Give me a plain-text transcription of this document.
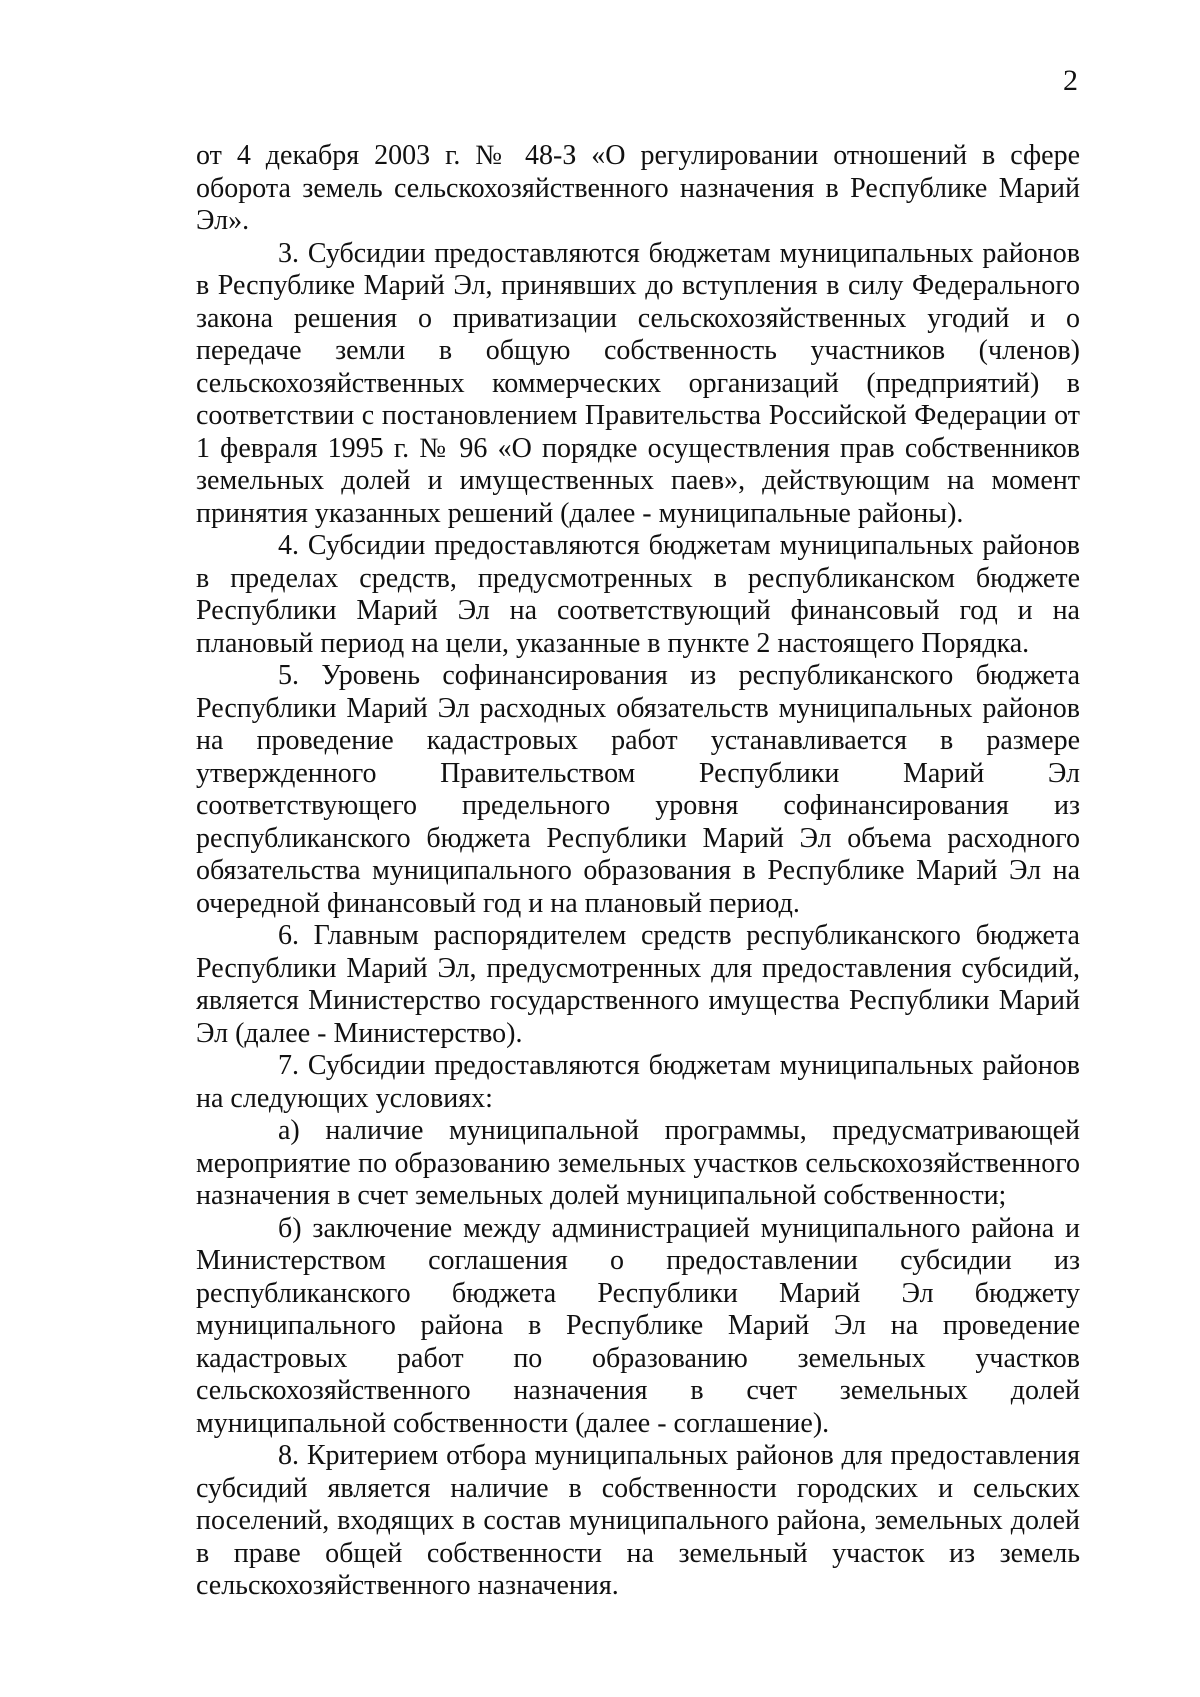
2

от 4 декабря 2003 г. № 48-З «О регулировании отношений в сфере оборота земель сельскохозяйственного назначения в Республике Марий Эл».

3. Субсидии предоставляются бюджетам муниципальных районов в Республике Марий Эл, принявших до вступления в силу Федерального закона решения о приватизации сельскохозяйственных угодий и о передаче земли в общую собственность участников (членов) сельскохозяйственных коммерческих организаций (предприятий) в соответствии с постановлением Правительства Российской Федерации от 1 февраля 1995 г. № 96 «О порядке осуществления прав собственников земельных долей и имущественных паев», действующим на момент принятия указанных решений (далее - муниципальные районы).

4. Субсидии предоставляются бюджетам муниципальных районов в пределах средств, предусмотренных в республиканском бюджете Республики Марий Эл на соответствующий финансовый год и на плановый период на цели, указанные в пункте 2 настоящего Порядка.

5. Уровень софинансирования из республиканского бюджета Республики Марий Эл расходных обязательств муниципальных районов на проведение кадастровых работ устанавливается в размере утвержденного Правительством Республики Марий Эл соответствующего предельного уровня софинансирования из республиканского бюджета Республики Марий Эл объема расходного обязательства муниципального образования в Республике Марий Эл на очередной финансовый год и на плановый период.

6. Главным распорядителем средств республиканского бюджета Республики Марий Эл, предусмотренных для предоставления субсидий, является Министерство государственного имущества Республики Марий Эл (далее - Министерство).

7. Субсидии предоставляются бюджетам муниципальных районов на следующих условиях:

а) наличие муниципальной программы, предусматривающей мероприятие по образованию земельных участков сельскохозяйственного назначения в счет земельных долей муниципальной собственности;

б) заключение между администрацией муниципального района и Министерством соглашения о предоставлении субсидии из республиканского бюджета Республики Марий Эл бюджету муниципального района в Республике Марий Эл на проведение кадастровых работ по образованию земельных участков сельскохозяйственного назначения в счет земельных долей муниципальной собственности (далее - соглашение).

8. Критерием отбора муниципальных районов для предоставления субсидий является наличие в собственности городских и сельских поселений, входящих в состав муниципального района, земельных долей в праве общей собственности на земельный участок из земель сельскохозяйственного назначения.
